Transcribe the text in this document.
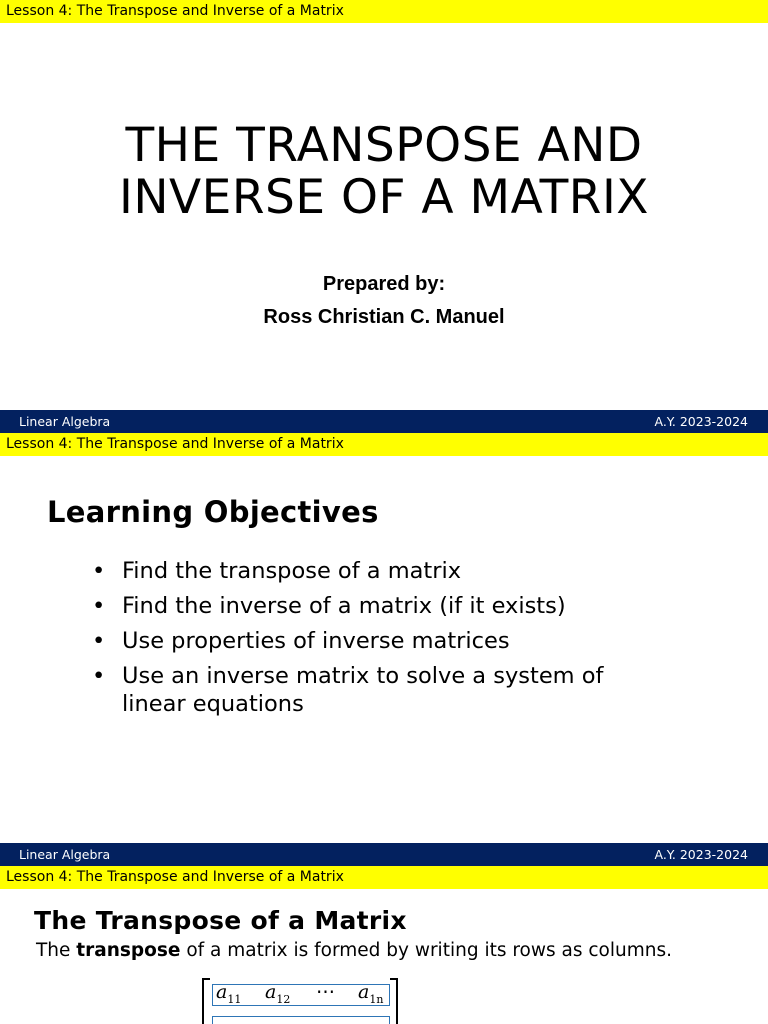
Lesson 4: The Transpose and Inverse of a Matrix
THE TRANSPOSE AND
INVERSE OF A MATRIX
Prepared by:
Ross Christian C. Manuel
Linear Algebra	A.Y. 2023-2024
Lesson 4: The Transpose and Inverse of a Matrix
Learning Objectives
• Find the transpose of a matrix
• Find the inverse of a matrix (if it exists)
• Use properties of inverse matrices
• Use an inverse matrix to solve a system of linear equations
Linear Algebra	A.Y. 2023-2024
Lesson 4: The Transpose and Inverse of a Matrix
The Transpose of a Matrix
The transpose of a matrix is formed by writing its rows as columns.
$a_{11}$ $a_{12}$ ⋯ $a_{1n}$
